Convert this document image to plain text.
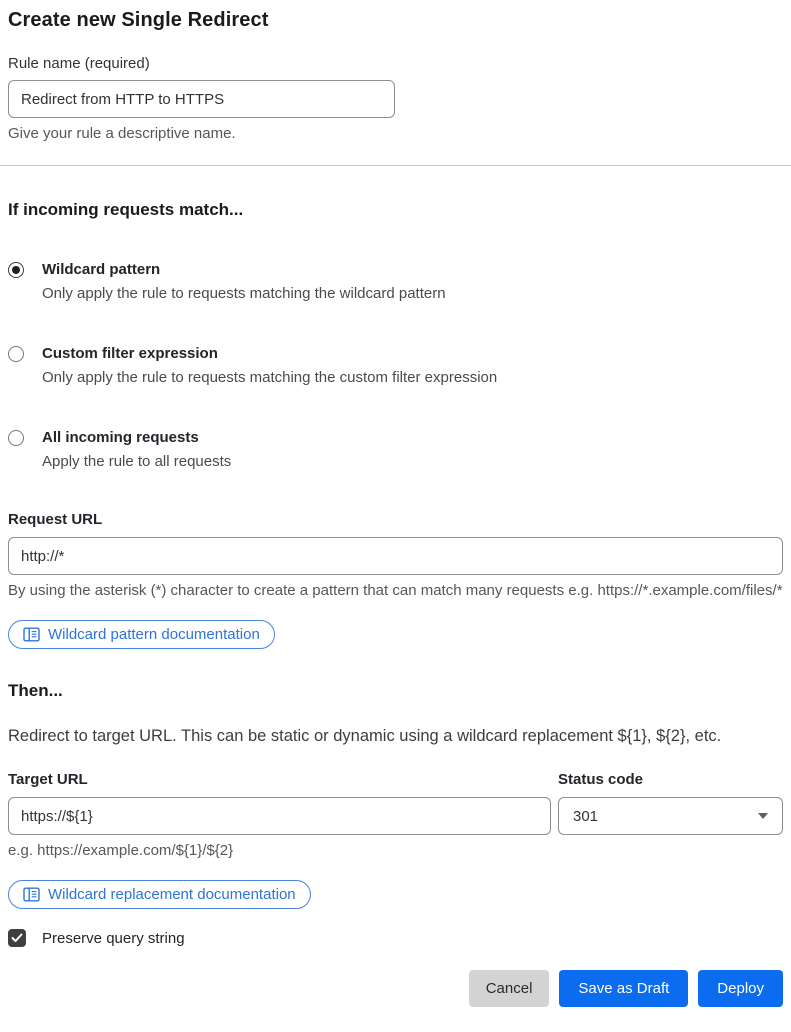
Create new Single Redirect
Rule name (required)
Redirect from HTTP to HTTPS
Give your rule a descriptive name.
If incoming requests match...
Wildcard pattern
Only apply the rule to requests matching the wildcard pattern
Custom filter expression
Only apply the rule to requests matching the custom filter expression
All incoming requests
Apply the rule to all requests
Request URL
http://*
By using the asterisk (*) character to create a pattern that can match many requests e.g. https://*.example.com/files/*
Wildcard pattern documentation
Then...

Redirect to target URL. This can be static or dynamic using a wildcard replacement ${1}, ${2}, etc.

Target URL
https://${1}
e.g. https://example.com/${1}/${2}
Status code
301
Wildcard replacement documentation
Preserve query string
Cancel	Save as Draft	Deploy
